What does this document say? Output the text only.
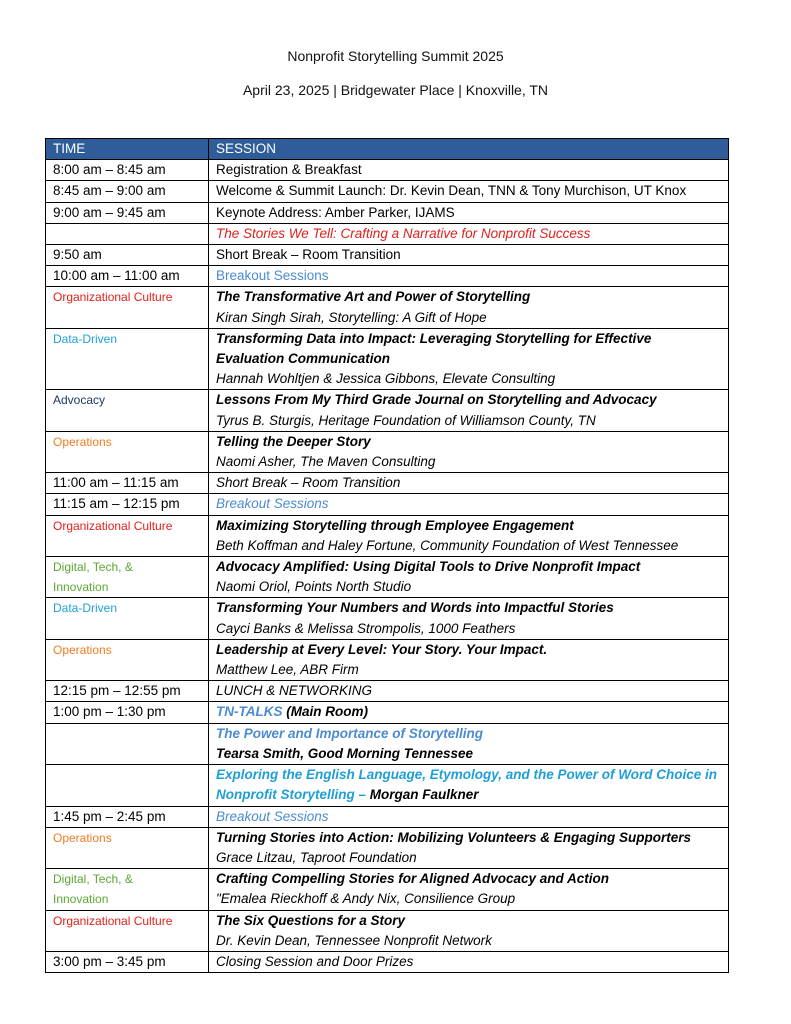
Nonprofit Storytelling Summit 2025
April 23, 2025 | Bridgewater Place | Knoxville, TN
TIME	SESSION
8:00 am – 8:45 am	Registration & Breakfast
8:45 am – 9:00 am	Welcome & Summit Launch: Dr. Kevin Dean, TNN & Tony Murchison, UT Knox
9:00 am – 9:45 am	Keynote Address: Amber Parker, IJAMS
	The Stories We Tell: Crafting a Narrative for Nonprofit Success
9:50 am	Short Break – Room Transition
10:00 am – 11:00 am	Breakout Sessions
Organizational Culture	The Transformative Art and Power of Storytelling
Kiran Singh Sirah, Storytelling: A Gift of Hope

Data-Driven	Transforming Data into Impact: Leveraging Storytelling for Effective
Evaluation Communication
Hannah Wohltjen & Jessica Gibbons, Elevate Consulting

Advocacy	Lessons From My Third Grade Journal on Storytelling and Advocacy
Tyrus B. Sturgis, Heritage Foundation of Williamson County, TN

Operations	Telling the Deeper Story
Naomi Asher, The Maven Consulting

11:00 am – 11:15 am	Short Break – Room Transition
11:15 am – 12:15 pm	Breakout Sessions
Organizational Culture	Maximizing Storytelling through Employee Engagement
Beth Koffman and Haley Fortune, Community Foundation of West Tennessee

Digital, Tech, &
Innovation	Advocacy Amplified: Using Digital Tools to Drive Nonprofit Impact
Naomi Oriol, Points North Studio

Data-Driven	Transforming Your Numbers and Words into Impactful Stories
Cayci Banks & Melissa Strompolis, 1000 Feathers

Operations	Leadership at Every Level: Your Story. Your Impact.
Matthew Lee, ABR Firm

12:15 pm – 12:55 pm	LUNCH & NETWORKING
1:00 pm – 1:30 pm	TN-TALKS (Main Room)

	The Power and Importance of Storytelling
Tearsa Smith, Good Morning Tennessee

	Exploring the English Language, Etymology, and the Power of Word Choice in
Nonprofit Storytelling – Morgan Faulkner

1:45 pm – 2:45 pm	Breakout Sessions
Operations	Turning Stories into Action: Mobilizing Volunteers & Engaging Supporters
Grace Litzau, Taproot Foundation

Digital, Tech, &
Innovation	Crafting Compelling Stories for Aligned Advocacy and Action
"Emalea Rieckhoff & Andy Nix, Consilience Group

Organizational Culture	The Six Questions for a Story
Dr. Kevin Dean, Tennessee Nonprofit Network

3:00 pm – 3:45 pm	Closing Session and Door Prizes
